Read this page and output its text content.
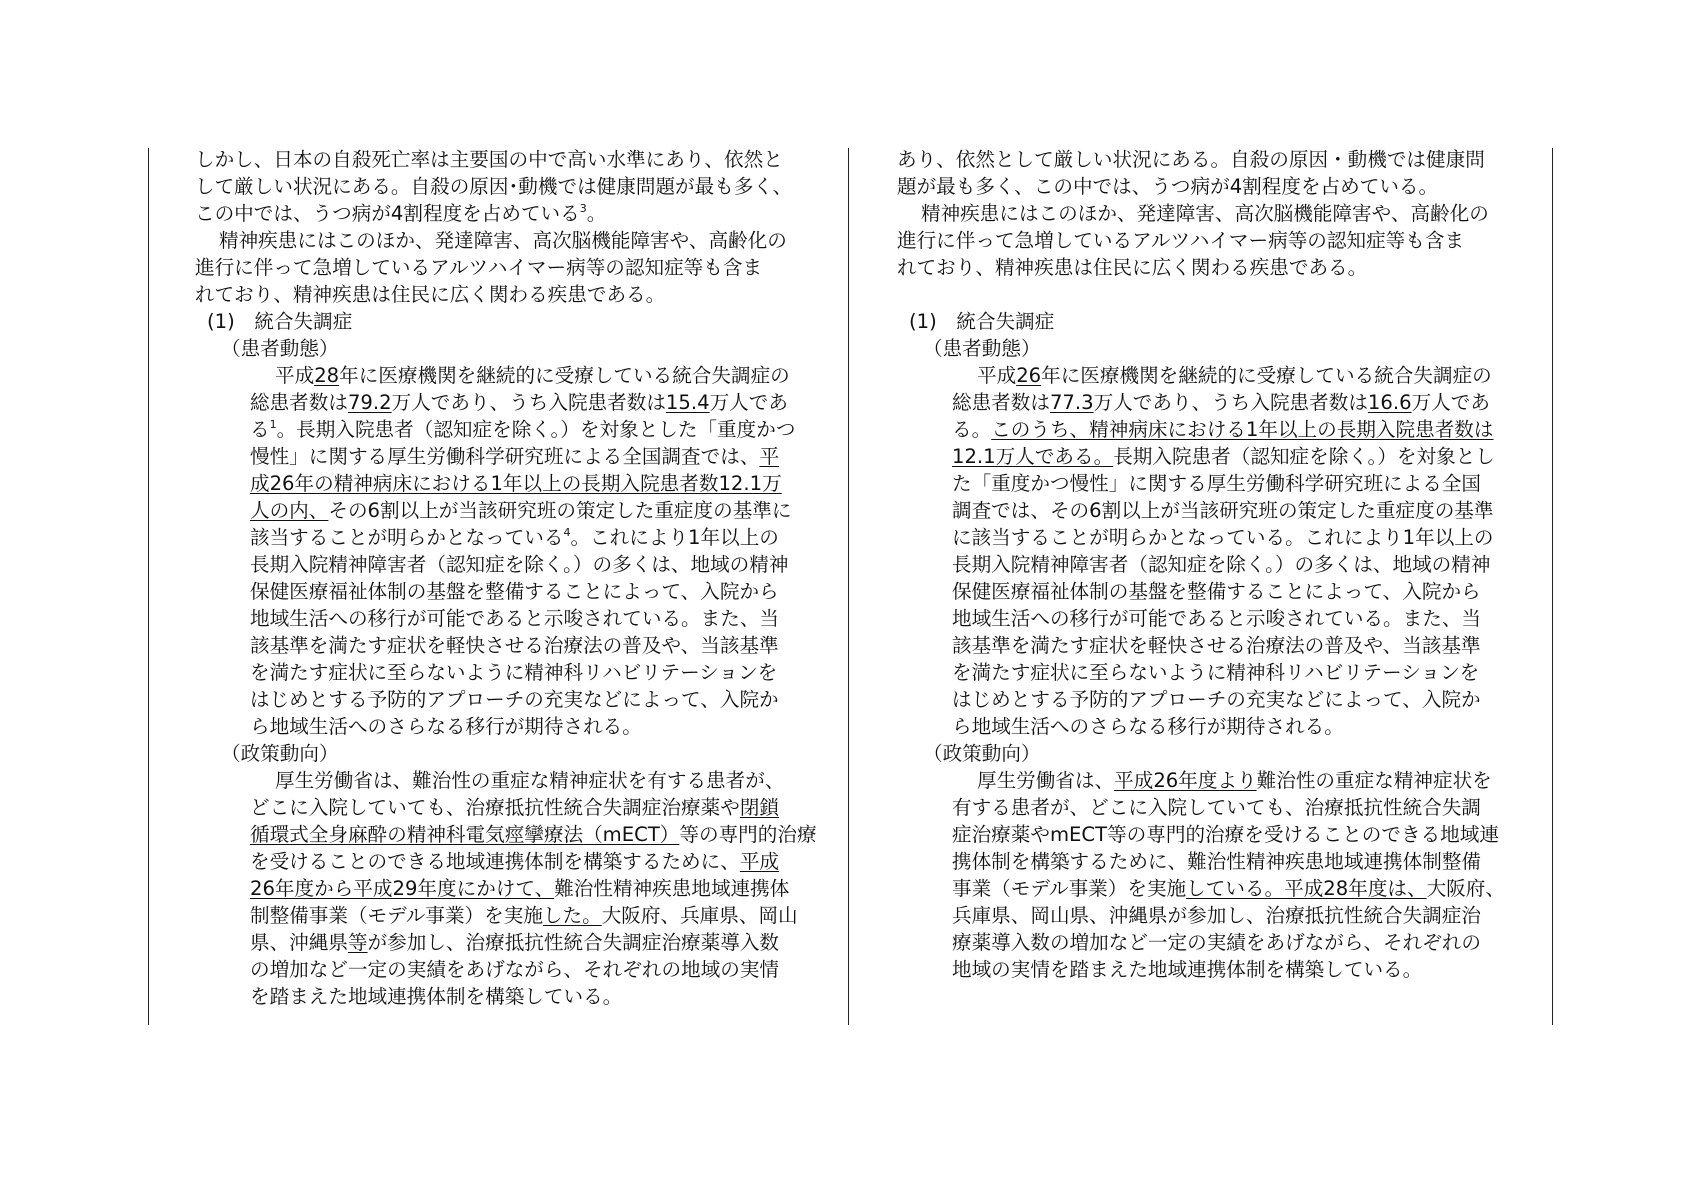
しかし、日本の自殺死亡率は主要国の中で高い水準にあり、依然と
して厳しい状況にある。自殺の原因･動機では健康問題が最も多く、
この中では、うつ病が4割程度を占めている$^3$。
精神疾患にはこのほか、発達障害、高次脳機能障害や、高齢化の
進行に伴って急増しているアルツハイマー病等の認知症等も含ま
れており、精神疾患は住民に広く関わる疾患である。
(1)　統合失調症
（患者動態）
平成28年に医療機関を継続的に受療している統合失調症の
総患者数は79.2万人であり、うち入院患者数は15.4万人であ
る$^1$。長期入院患者（認知症を除く。）を対象とした「重度かつ
慢性」に関する厚生労働科学研究班による全国調査では、平
成26年の精神病床における1年以上の長期入院患者数12.1万
人の内、その6割以上が当該研究班の策定した重症度の基準に
該当することが明らかとなっている$^4$。これにより1年以上の
長期入院精神障害者（認知症を除く。）の多くは、地域の精神
保健医療福祉体制の基盤を整備することによって、入院から
地域生活への移行が可能であると示唆されている。また、当
該基準を満たす症状を軽快させる治療法の普及や、当該基準
を満たす症状に至らないように精神科リハビリテーションを
はじめとする予防的アプローチの充実などによって、入院か
ら地域生活へのさらなる移行が期待される。
（政策動向）
厚生労働省は、難治性の重症な精神症状を有する患者が、
どこに入院していても、治療抵抗性統合失調症治療薬や閉鎖
循環式全身麻酔の精神科電気痙攣療法（mECT）等の専門的治療
を受けることのできる地域連携体制を構築するために、平成
26年度から平成29年度にかけて、難治性精神疾患地域連携体
制整備事業（モデル事業）を実施した。大阪府、兵庫県、岡山
県、沖縄県等が参加し、治療抵抗性統合失調症治療薬導入数
の増加など一定の実績をあげながら、それぞれの地域の実情
を踏まえた地域連携体制を構築している。
あり、依然として厳しい状況にある。自殺の原因・動機では健康問
題が最も多く、この中では、うつ病が4割程度を占めている。
精神疾患にはこのほか、発達障害、高次脳機能障害や、高齢化の
進行に伴って急増しているアルツハイマー病等の認知症等も含ま
れており、精神疾患は住民に広く関わる疾患である。
(1)　統合失調症
（患者動態）
平成26年に医療機関を継続的に受療している統合失調症の
総患者数は77.3万人であり、うち入院患者数は16.6万人であ
る。このうち、精神病床における1年以上の長期入院患者数は
12.1万人である。長期入院患者（認知症を除く。）を対象とし
た「重度かつ慢性」に関する厚生労働科学研究班による全国
調査では、その6割以上が当該研究班の策定した重症度の基準
に該当することが明らかとなっている。これにより1年以上の
長期入院精神障害者（認知症を除く。）の多くは、地域の精神
保健医療福祉体制の基盤を整備することによって、入院から
地域生活への移行が可能であると示唆されている。また、当
該基準を満たす症状を軽快させる治療法の普及や、当該基準
を満たす症状に至らないように精神科リハビリテーションを
はじめとする予防的アプローチの充実などによって、入院か
ら地域生活へのさらなる移行が期待される。
（政策動向）
厚生労働省は、平成26年度より難治性の重症な精神症状を
有する患者が、どこに入院していても、治療抵抗性統合失調
症治療薬やmECT等の専門的治療を受けることのできる地域連
携体制を構築するために、難治性精神疾患地域連携体制整備
事業（モデル事業）を実施している。平成28年度は、大阪府、
兵庫県、岡山県、沖縄県が参加し、治療抵抗性統合失調症治
療薬導入数の増加など一定の実績をあげながら、それぞれの
地域の実情を踏まえた地域連携体制を構築している。
